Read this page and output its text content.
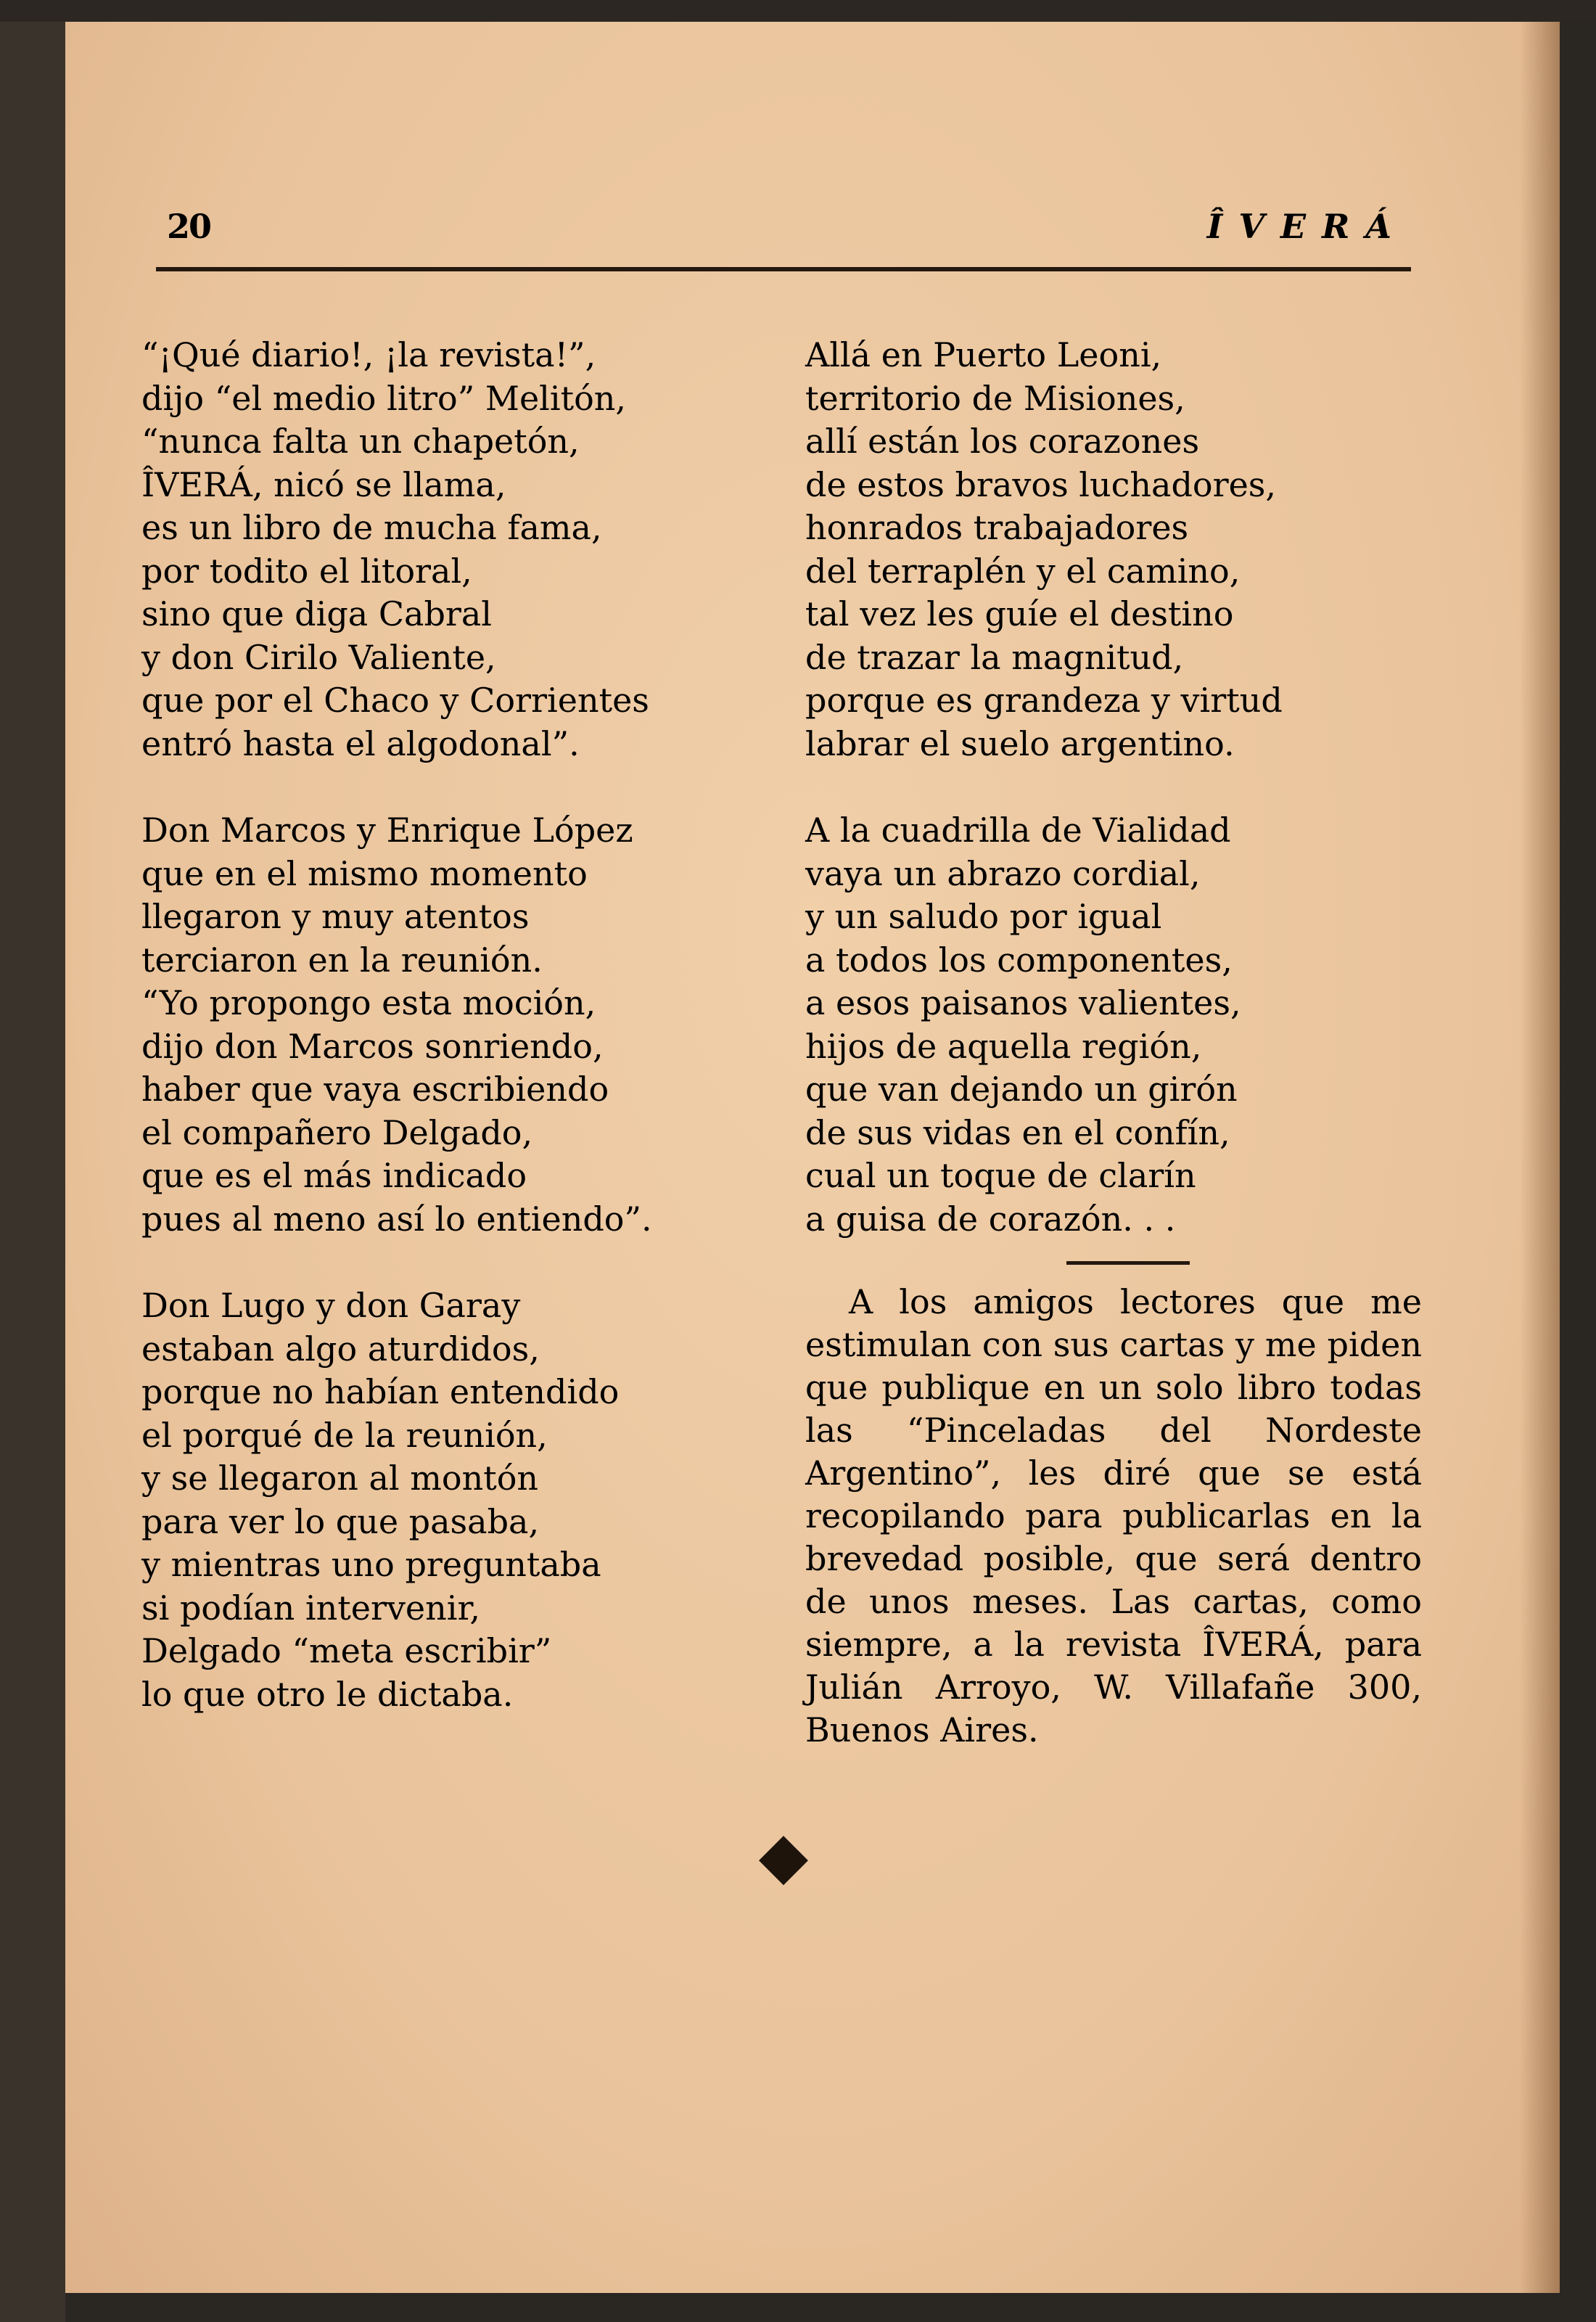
20	ÎVERÁ
“¡Qué diario!, ¡la revista!”,
dijo “el medio litro” Melitón,
“nunca falta un chapetón,
ÎVERÁ, nicó se llama,
es un libro de mucha fama,
por todito el litoral,
sino que diga Cabral
y don Cirilo Valiente,
que por el Chaco y Corrientes
entró hasta el algodonal”.
Don Marcos y Enrique López
que en el mismo momento
llegaron y muy atentos
terciaron en la reunión.
“Yo propongo esta moción,
dijo don Marcos sonriendo,
haber que vaya escribiendo
el compañero Delgado,
que es el más indicado
pues al meno así lo entiendo”.
Don Lugo y don Garay
estaban algo aturdidos,
porque no habían entendido
el porqué de la reunión,
y se llegaron al montón
para ver lo que pasaba,
y mientras uno preguntaba
si podían intervenir,
Delgado “meta escribir”
lo que otro le dictaba.
Allá en Puerto Leoni,
territorio de Misiones,
allí están los corazones
de estos bravos luchadores,
honrados trabajadores
del terraplén y el camino,
tal vez les guíe el destino
de trazar la magnitud,
porque es grandeza y virtud
labrar el suelo argentino.
A la cuadrilla de Vialidad
vaya un abrazo cordial,
y un saludo por igual
a todos los componentes,
a esos paisanos valientes,
hijos de aquella región,
que van dejando un girón
de sus vidas en el confín,
cual un toque de clarín
a guisa de corazón. . .

A los amigos lectores que me estimulan con sus cartas y me piden que publique en un solo libro todas las “Pinceladas del Nordeste Argentino”, les diré que se está recopilando para publicarlas en la brevedad posible, que será dentro de unos meses. Las cartas, como siempre, a la revista ÎVERÁ, para Julián Arroyo, W. Villafañe 300, Buenos Aires.
